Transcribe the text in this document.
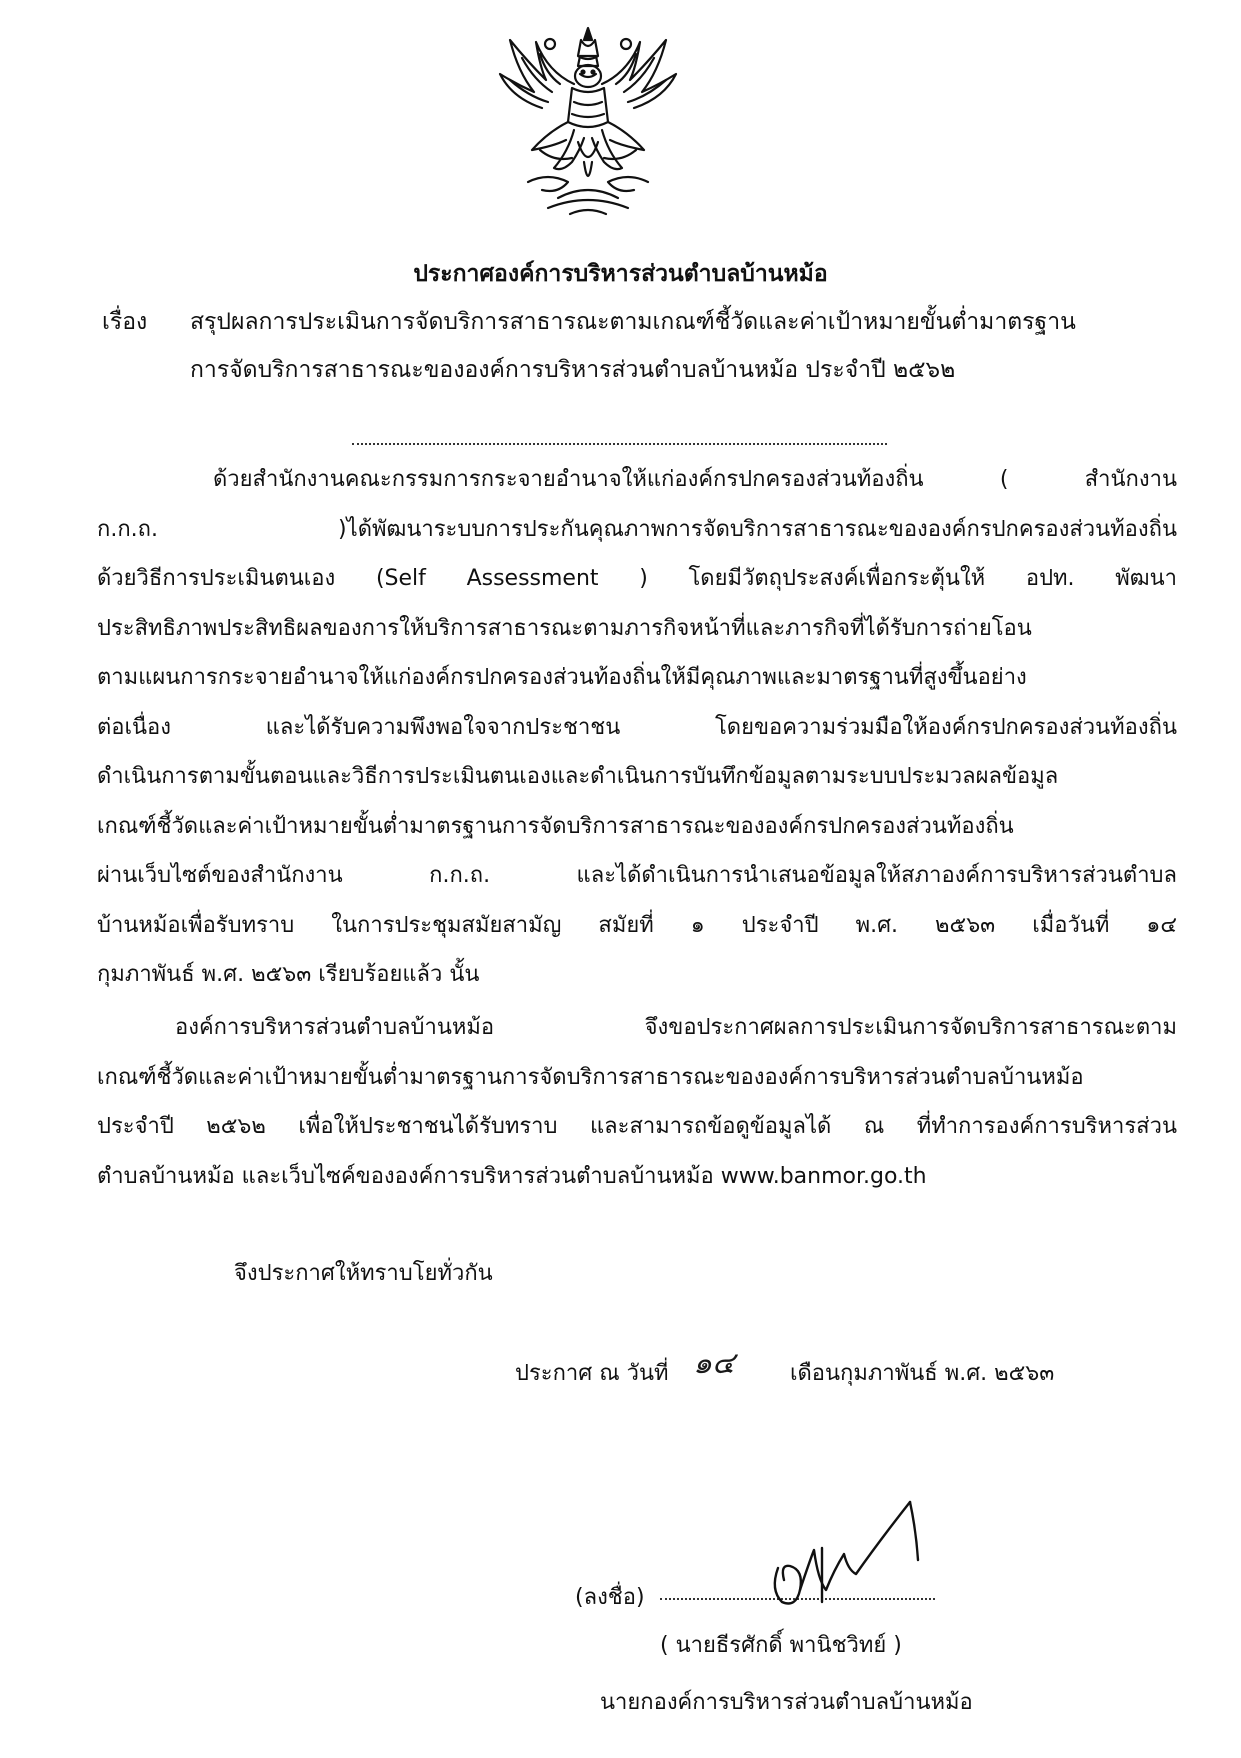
ประกาศองค์การบริหารส่วนตำบลบ้านหม้อ
เรื่อง สรุปผลการประเมินการจัดบริการสาธารณะตามเกณฑ์ชี้วัดและค่าเป้าหมายขั้นต่ำมาตรฐาน
การจัดบริการสาธารณะขององค์การบริหารส่วนตำบลบ้านหม้อ ประจำปี ๒๕๖๒

ด้วยสำนักงานคณะกรรมการกระจายอำนาจให้แก่องค์กรปกครองส่วนท้องถิ่น ( สำนักงาน

ก.ก.ถ. )ได้พัฒนาระบบการประกันคุณภาพการจัดบริการสาธารณะขององค์กรปกครองส่วนท้องถิ่น

ด้วยวิธีการประเมินตนเอง (Self Assessment ) โดยมีวัตถุประสงค์เพื่อกระตุ้นให้ อปท. พัฒนา

ประสิทธิภาพประสิทธิผลของการให้บริการสาธารณะตามภารกิจหน้าที่และภารกิจที่ได้รับการถ่ายโอน

ตามแผนการกระจายอำนาจให้แก่องค์กรปกครองส่วนท้องถิ่นให้มีคุณภาพและมาตรฐานที่สูงขึ้นอย่าง

ต่อเนื่อง และได้รับความพึงพอใจจากประชาชน โดยขอความร่วมมือให้องค์กรปกครองส่วนท้องถิ่น

ดำเนินการตามขั้นตอนและวิธีการประเมินตนเองและดำเนินการบันทึกข้อมูลตามระบบประมวลผลข้อมูล

เกณฑ์ชี้วัดและค่าเป้าหมายขั้นต่ำมาตรฐานการจัดบริการสาธารณะขององค์กรปกครองส่วนท้องถิ่น

ผ่านเว็บไซต์ของสำนักงาน ก.ก.ถ. และได้ดำเนินการนำเสนอข้อมูลให้สภาองค์การบริหารส่วนตำบล

บ้านหม้อเพื่อรับทราบ ในการประชุมสมัยสามัญ สมัยที่ ๑ ประจำปี พ.ศ. ๒๕๖๓ เมื่อวันที่ ๑๔

กุมภาพันธ์ พ.ศ. ๒๕๖๓ เรียบร้อยแล้ว นั้น

องค์การบริหารส่วนตำบลบ้านหม้อ จึงขอประกาศผลการประเมินการจัดบริการสาธารณะตาม

เกณฑ์ชี้วัดและค่าเป้าหมายขั้นต่ำมาตรฐานการจัดบริการสาธารณะขององค์การบริหารส่วนตำบลบ้านหม้อ

ประจำปี ๒๕๖๒ เพื่อให้ประชาชนได้รับทราบ และสามารถข้อดูข้อมูลได้ ณ ที่ทำการองค์การบริหารส่วน

ตำบลบ้านหม้อ และเว็บไซค์ขององค์การบริหารส่วนตำบลบ้านหม้อ www.banmor.go.th

จึงประกาศให้ทราบโยทั่วกัน
ประกาศ ณ วันที่ ๑๔	เดือนกุมภาพันธ์ พ.ศ. ๒๕๖๓
(ลงชื่อ)
( นายธีรศักดิ์ พานิชวิทย์ )
นายกองค์การบริหารส่วนตำบลบ้านหม้อ
